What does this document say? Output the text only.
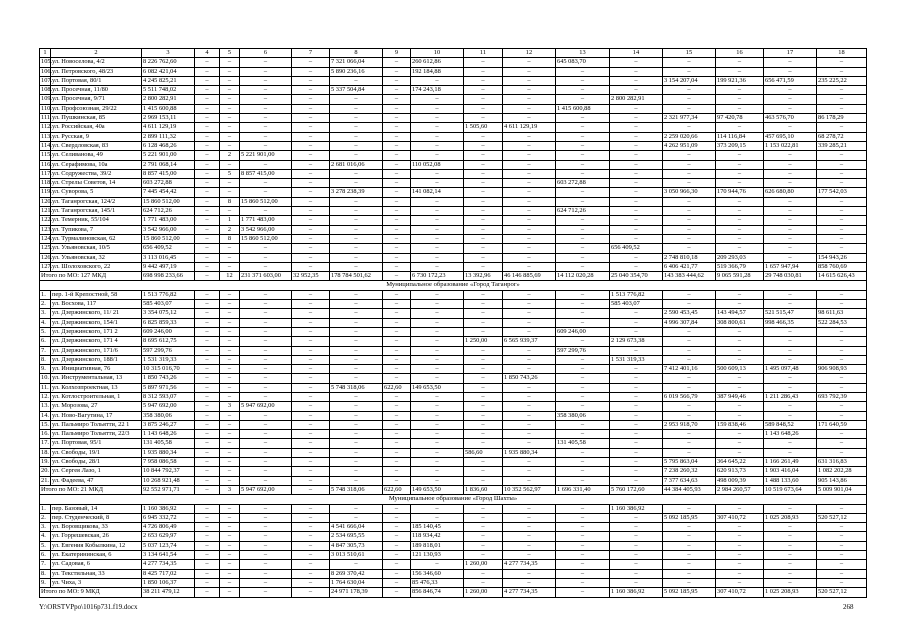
1	2	3	4	5	6	7	8	9	10	11	12	13	14	15	16	17	18
105.	ул. Новоселова, 4/2	8 226 762,60	–	–	–	–	7 321 066,04	–	260 612,86	–	–	645 083,70	–	–	–	–	–
106.	ул. Петровского, 48/23	6 082 421,04	–	–	–	–	5 890 236,16	–	192 184,88	–	–	–	–	–	–	–	–
107.	ул. Портовая, 80/1	4 245 825,21	–	–	–	–	–	–	–	–	–	–	–	3 154 207,04	199 921,36	656 471,59	235 225,22
108.	ул. Просечная, 11/80	5 511 748,02	–	–	–	–	5 337 504,84	–	174 243,18	–	–	–	–	–	–	–	–
109.	ул. Просечная, 9/71	2 800 282,91	–	–	–	–	–	–	–	–	–	–	2 800 282,91	–	–	–	–
110.	ул. Профсоюзная, 29/22	1 415 600,88	–	–	–	–	–	–	–	–	–	1 415 600,88	–	–	–	–	–
111.	ул. Пушкинская, 85	2 969 153,11	–	–	–	–	–	–	–	–	–	–	–	2 321 977,34	97 420,78	463 576,70	86 178,29
112.	ул. Российская, 40а	4 611 129,19	–	–	–	–	–	–	–	1 505,60	4 611 129,19	–	–	–	–	–	–
113.	ул. Русская, 9	2 899 111,32	–	–	–	–	–	–	–	–	–	–	–	2 259 020,66	114 116,84	457 695,10	68 278,72
114.	ул. Свердловская, 83	6 128 468,26	–	–	–	–	–	–	–	–	–	–	–	4 262 951,09	373 209,15	1 153 022,81	339 285,21
115.	ул. Селиванова, 49	5 221 901,00	–	2	5 221 901,00	–	–	–	–	–	–	–	–	–	–	–	–
116.	ул. Серафимова, 10а	2 791 068,14	–	–	–	–	2 681 016,06	–	110 052,08	–	–	–	–	–	–	–	–
117.	ул. Содружества, 39/2	8 857 415,00	–	5	8 857 415,00	–	–	–	–	–	–	–	–	–	–	–	–
118.	ул. Стрелы Советов, 14	603 272,88	–	–	–	–	–	–	–	–	–	603 272,88	–	–	–	–	–
119.	ул. Суворова, 5	7 445 454,42	–	–	–	–	3 278 238,39	–	141 082,14	–	–	–	–	3 050 966,30	170 944,76	626 680,80	177 542,03
120.	ул. Таганрогская, 124/2	15 860 512,00	–	8	15 860 512,00	–	–	–	–	–	–	–	–	–	–	–	–
121.	ул. Таганрогская, 145/1	624 712,26	–	–	–	–	–	–	–	–	–	624 712,26	–	–	–	–	–
122.	ул. Темерник, 55/104	1 771 483,00	–	1	1 771 483,00	–	–	–	–	–	–	–	–	–	–	–	–
123.	ул. Тупикова, 7	3 542 966,00	–	2	3 542 966,00	–	–	–	–	–	–	–	–	–	–	–	–
124.	ул. Турмалиновская, 62	15 860 512,00	–	8	15 860 512,00	–	–	–	–	–	–	–	–	–	–	–	–
125.	ул. Ульяновская, 10/5	656 409,52	–	–	–	–	–	–	–	–	–	–	656 409,52	–	–	–	–
126.	ул. Ульяновская, 32	3 113 016,45	–	–	–	–	–	–	–	–	–	–	–	2 748 810,18	209 293,03	–	154 943,26
127.	ул. Шолоховского, 22	9 442 497,19	–	–	–	–	–	–	–	–	–	–	–	6 406 421,77	519 366,79	1 657 947,94	858 760,69
Итого по МО: 127 МКД		698 998 233,66	–	12	231 371 603,00	32 952,35	178 784 501,62	–	6 730 172,23	13 392,96	46 146 885,69	14 112 020,28	25 040 354,70	143 383 444,62	9 065 591,28	29 748 030,81	14 615 626,43
Муниципальное образование «Город Таганрог»																	
1.	пер. 1-й Крепостной, 58	1 513 776,82	–	–	–	–	–	–	–	–	–	–	1 513 776,82	–	–	–	–
2.	ул. Восхова, 117	585 403,07	–	–	–	–	–	–	–	–	–	–	585 403,07	–	–	–	–
3.	ул. Дзержинского, 11/ 21	3 354 075,12	–	–	–	–	–	–	–	–	–	–	–	2 590 453,45	143 494,57	521 515,47	98 611,63
4.	ул. Дзержинского, 154/1	6 825 859,33	–	–	–	–	–	–	–	–	–	–	–	4 996 307,84	308 800,61	998 466,35	522 284,53
5.	ул. Дзержинского, 171 2	609 246,00	–	–	–	–	–	–	–	–	–	609 246,00	–	–	–	–	–
6.	ул. Дзержинского, 171 4	8 695 612,75	–	–	–	–	–	–	–	1 250,00	6 565 939,37	–	2 129 673,38	–	–	–	–
7.	ул. Дзержинского, 171/6	597 299,76	–	–	–	–	–	–	–	–	–	597 299,76	–	–	–	–	–
8.	ул. Дзержинского, 188/1	1 531 319,33	–	–	–	–	–	–	–	–	–	–	1 531 319,33	–	–	–	–
9.	ул. Инициативная, 76	10 315 016,70	–	–	–	–	–	–	–	–	–	–	–	7 412 401,16	500 609,13	1 495 097,48	906 908,93
10.	ул. Инструментальная, 13	1 850 743,26	–	–	–	–	–	–	–	–	1 850 743,26	–	–	–	–	–	–
11.	ул. Колхозпроектная, 13	5 897 971,56	–	–	–	–	5 748 318,06	622,60	149 653,50	–	–	–	–	–	–	–	–
12.	ул. Котлостроительная, 1	8 312 593,07	–	–	–	–	–	–	–	–	–	–	–	6 019 566,79	387 949,46	1 211 286,43	693 792,39
13.	ул. Морозова, 27	5 947 692,00	–	3	5 947 692,00	–	–	–	–	–	–	–	–	–	–	–	–
14.	ул. Ново-Вагутина, 17	358 380,06	–	–	–	–	–	–	–	–	–	358 380,06	–	–	–	–	–
15.	ул. Пальмиро Тольятти, 22 1	3 875 246,27	–	–	–	–	–	–	–	–	–	–	–	2 953 918,70	159 838,46	589 848,52	171 640,59
16.	ул. Пальмиро Тольятти, 22/3	1 143 648,26	–	–	–	–	–	–	–	–	–	–	–	–	–	1 143 648,26	–
17.	ул. Портовая, 95/1	131 405,58	–	–	–	–	–	–	–	–	–	131 405,58	–	–	–	–	–
18.	ул. Свободы, 19/1	1 935 880,34	–	–	–	–	–	–	–	586,60	1 935 880,34	–	–	–	–	–	–
19.	ул. Свободы, 28/1	7 958 086,58	–	–	–	–	–	–	–	–	–	–	–	5 795 863,04	364 645,22	1 166 261,49	631 316,83
20.	ул. Сергея Лазо, 1	10 844 792,37	–	–	–	–	–	–	–	–	–	–	–	7 238 260,32	620 913,73	1 903 416,04	1 082 202,28
21.	ул. Фадеева, 47	10 268 921,48	–	–	–	–	–	–	–	–	–	–	–	7 377 634,63	498 009,39	1 488 133,60	905 143,86
Итого по МО: 21 МКД		92 552 971,71	–	3	5 947 692,00	–	5 748 318,06	622,60	149 653,50	1 836,60	10 352 562,97	1 696 331,40	5 760 172,60	44 384 405,93	2 984 260,57	10 519 673,64	5 009 901,04
Муниципальное образование «Город Шахты»																	
1.	пер. Базовый, 14	1 160 386,92	–	–	–	–	–	–	–	–	–	–	1 160 386,92	–	–	–	–
2.	пер. Студенческий, 8	6 945 332,72	–	–	–	–	–	–	–	–	–	–	–	5 092 185,95	307 410,72	1 025 208,93	520 527,12
3.	ул. Воровщикова, 33	4 726 806,49	–	–	–	–	4 541 666,04	–	185 140,45	–	–	–	–	–	–	–	–
4.	ул. Горрешевская, 26	2 653 629,97	–	–	–	–	2 534 695,55	–	118 934,42	–	–	–	–	–	–	–	–
5.	ул. Евгения Кобылкина, 12	5 037 123,74	–	–	–	–	4 847 305,73	–	189 818,01	–	–	–	–	–	–	–	–
6.	ул. Екатерининская, 6	3 134 641,54	–	–	–	–	3 013 510,61	–	121 130,93	–	–	–	–	–	–	–	–
7.	ул. Садовая, 6	4 277 734,35	–	–	–	–	–	–	–	1 260,00	4 277 734,35	–	–	–	–	–	–
8.	ул. Текстильная, 33	8 425 717,02	–	–	–	–	8 269 370,42	–	156 346,60	–	–	–	–	–	–	–	–
9.	ул. Чиха, 3	1 850 106,37	–	–	–	–	1 764 630,04	–	85 476,33	–	–	–	–	–	–	–	–
Итого по МО: 9 МКД		38 211 479,12	–	–	–	–	24 971 178,39	–	856 846,74	1 260,00	4 277 734,35	–	1 160 386,92	5 092 185,95	307 410,72	1 025 208,93	520 527,12
Y:\ORSTVPpo\1016p731.f19.docx	268
